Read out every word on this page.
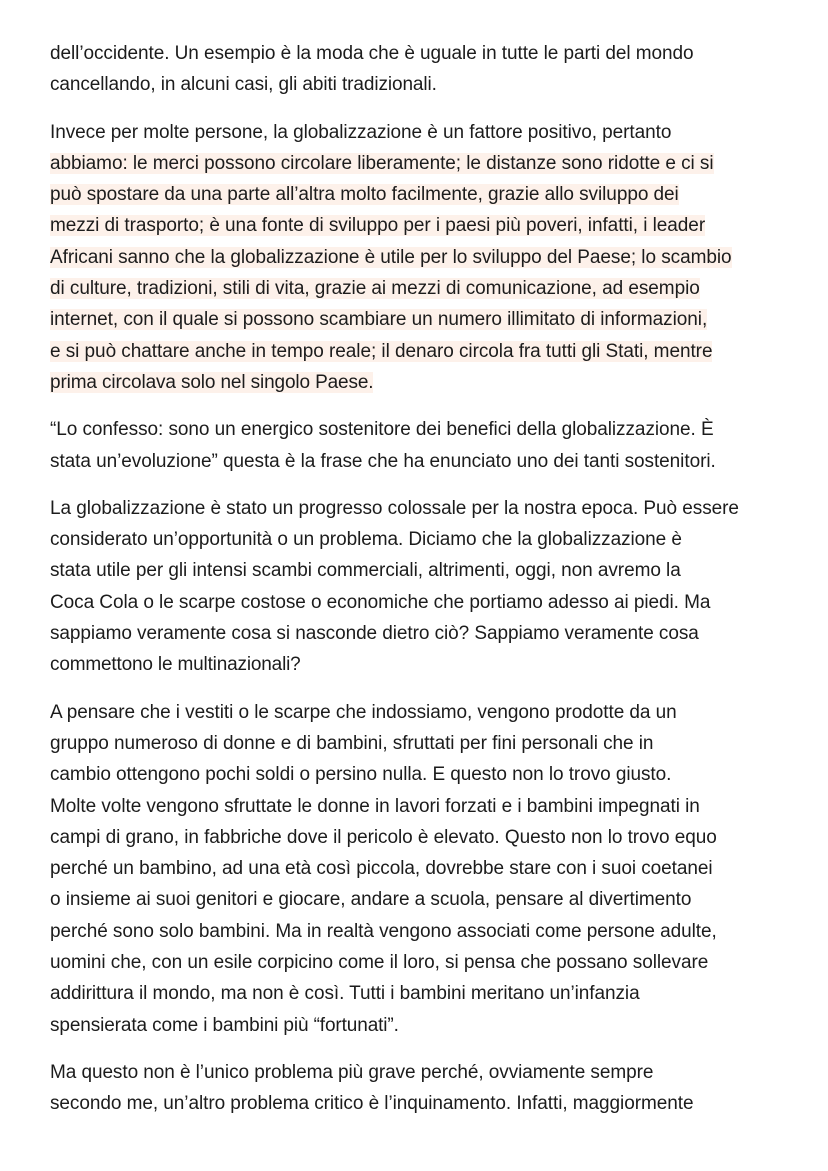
dell’occidente. Un esempio è la moda che è uguale in tutte le parti del mondo
cancellando, in alcuni casi, gli abiti tradizionali.

Invece per molte persone, la globalizzazione è un fattore positivo, pertanto
abbiamo: le merci possono circolare liberamente; le distanze sono ridotte e ci si
può spostare da una parte all’altra molto facilmente, grazie allo sviluppo dei
mezzi di trasporto; è una fonte di sviluppo per i paesi più poveri, infatti, i leader
Africani sanno che la globalizzazione è utile per lo sviluppo del Paese; lo scambio
di culture, tradizioni, stili di vita, grazie ai mezzi di comunicazione, ad esempio
internet, con il quale si possono scambiare un numero illimitato di informazioni,
e si può chattare anche in tempo reale; il denaro circola fra tutti gli Stati, mentre
prima circolava solo nel singolo Paese.

“Lo confesso: sono un energico sostenitore dei benefici della globalizzazione. È
stata un’evoluzione” questa è la frase che ha enunciato uno dei tanti sostenitori.

La globalizzazione è stato un progresso colossale per la nostra epoca. Può essere
considerato un’opportunità o un problema. Diciamo che la globalizzazione è
stata utile per gli intensi scambi commerciali, altrimenti, oggi, non avremo la
Coca Cola o le scarpe costose o economiche che portiamo adesso ai piedi. Ma
sappiamo veramente cosa si nasconde dietro ciò? Sappiamo veramente cosa
commettono le multinazionali?

A pensare che i vestiti o le scarpe che indossiamo, vengono prodotte da un
gruppo numeroso di donne e di bambini, sfruttati per fini personali che in
cambio ottengono pochi soldi o persino nulla. E questo non lo trovo giusto.
Molte volte vengono sfruttate le donne in lavori forzati e i bambini impegnati in
campi di grano, in fabbriche dove il pericolo è elevato. Questo non lo trovo equo
perché un bambino, ad una età così piccola, dovrebbe stare con i suoi coetanei
o insieme ai suoi genitori e giocare, andare a scuola, pensare al divertimento
perché sono solo bambini. Ma in realtà vengono associati come persone adulte,
uomini che, con un esile corpicino come il loro, si pensa che possano sollevare
addirittura il mondo, ma non è così. Tutti i bambini meritano un’infanzia
spensierata come i bambini più “fortunati”.

Ma questo non è l’unico problema più grave perché, ovviamente sempre
secondo me, un’altro problema critico è l’inquinamento. Infatti, maggiormente
